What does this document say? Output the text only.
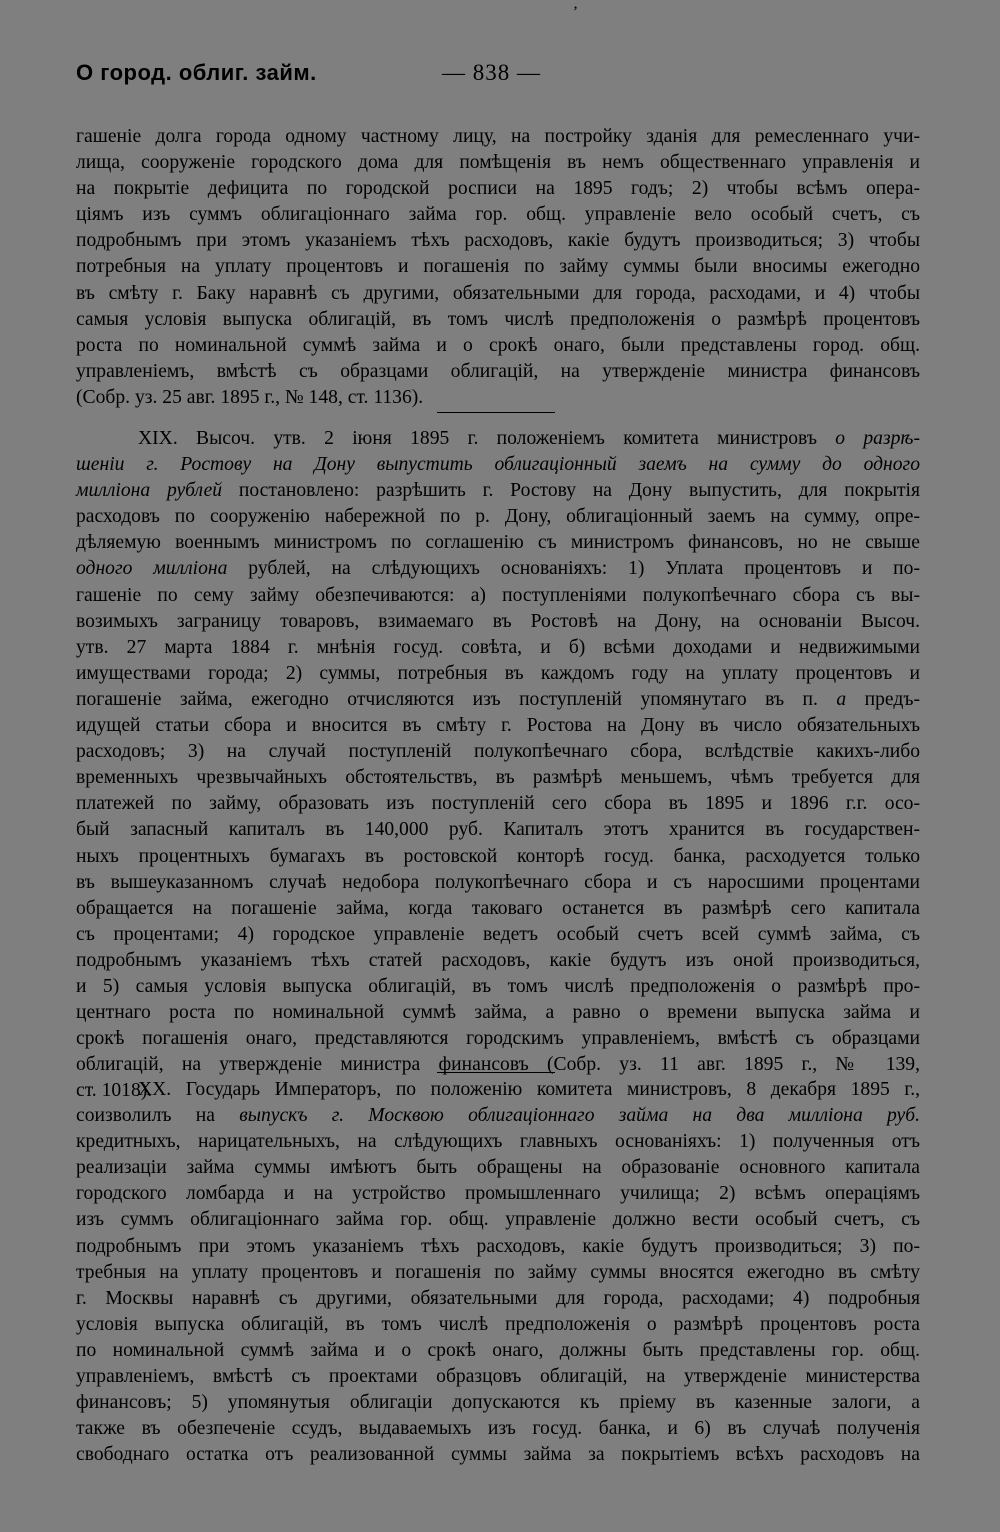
ʼ
О город. облиг. займ.	— 838 —
гашеніе долга города одному частному лицу, на постройку зданія для ремесленнаго учи-
лища, сооруженіе городского дома для помѣщенія въ немъ общественнаго управленія и
на покрытіе дефицита по городской росписи на 1895 годъ; 2) чтобы всѣмъ опера-
ціямъ изъ суммъ облигаціоннаго займа гор. общ. управленіе вело особый счетъ, съ
подробнымъ при этомъ указаніемъ тѣхъ расходовъ, какіе будутъ производиться; 3) чтобы
потребныя на уплату процентовъ и погашенія по займу суммы были вносимы ежегодно
въ смѣту г. Баку наравнѣ съ другими, обязательными для города, расходами, и 4) чтобы
самыя условія выпуска облигацій, въ томъ числѣ предположенія о размѣрѣ процентовъ
роста по номинальной суммѣ займа и о срокѣ онаго, были представлены город. общ.
управленіемъ, вмѣстѣ съ образцами облигацій, на утвержденіе министра финансовъ
(Собр. уз. 25 авг. 1895 г., № 148, ст. 1136).
XIX. Высоч. утв. 2 іюня 1895 г. положеніемъ комитета министровъ о разрѣ-
шеніи г. Ростову на Дону выпустить облигаціонный заемъ на сумму до одного
милліона рублей постановлено: разрѣшить г. Ростову на Дону выпустить, для покрытія
расходовъ по сооруженію набережной по р. Дону, облигаціонный заемъ на сумму, опре-
дѣляемую военнымъ министромъ по соглашенію съ министромъ финансовъ, но не свыше
одного милліона рублей, на слѣдующихъ основаніяхъ: 1) Уплата процентовъ и по-
гашеніе по сему займу обезпечиваются: а) поступленіями полукопѣечнаго сбора съ вы-
возимыхъ заграницу товаровъ, взимаемаго въ Ростовѣ на Дону, на основаніи Высоч.
утв. 27 марта 1884 г. мнѣнія госуд. совѣта, и б) всѣми доходами и недвижимыми
имуществами города; 2) суммы, потребныя въ каждомъ году на уплату процентовъ и
погашеніе займа, ежегодно отчисляются изъ поступленій упомянутаго въ п. а предъ-
идущей статьи сбора и вносится въ смѣту г. Ростова на Дону въ число обязательныхъ
расходовъ; 3) на случай поступленій полукопѣечнаго сбора, вслѣдствіе какихъ-либо
временныхъ чрезвычайныхъ обстоятельствъ, въ размѣрѣ меньшемъ, чѣмъ требуется для
платежей по займу, образовать изъ поступленій сего сбора въ 1895 и 1896 г.г. осо-
бый запасный капиталъ въ 140,000 руб. Капиталъ этотъ хранится въ государствен-
ныхъ процентныхъ бумагахъ въ ростовской конторѣ госуд. банка, расходуется только
въ вышеуказанномъ случаѣ недобора полукопѣечнаго сбора и съ наросшими процентами
обращается на погашеніе займа, когда таковаго останется въ размѣрѣ сего капитала
съ процентами; 4) городское управленіе ведетъ особый счетъ всей суммѣ займа, съ
подробнымъ указаніемъ тѣхъ статей расходовъ, какіе будутъ изъ оной производиться,
и 5) самыя условія выпуска облигацій, въ томъ числѣ предположенія о размѣрѣ про-
центнаго роста по номинальной суммѣ займа, а равно о времени выпуска займа и
срокѣ погашенія онаго, представляются городскимъ управленіемъ, вмѣстѣ съ образцами
облигацій, на утвержденіе министра финансовъ (Собр. уз. 11 авг. 1895 г., № 139,
ст. 1018).
XX. Государь Императоръ, по положенію комитета министровъ, 8 декабря 1895 г.,
соизволилъ на выпускъ г. Москвою облигаціоннаго займа на два милліона руб.
кредитныхъ, нарицательныхъ, на слѣдующихъ главныхъ основаніяхъ: 1) полученныя отъ
реализаціи займа суммы имѣютъ быть обращены на образованіе основного капитала
городского ломбарда и на устройство промышленнаго училища; 2) всѣмъ операціямъ
изъ суммъ облигаціоннаго займа гор. общ. управленіе должно вести особый счетъ, съ
подробнымъ при этомъ указаніемъ тѣхъ расходовъ, какіе будутъ производиться; 3) по-
требныя на уплату процентовъ и погашенія по займу суммы вносятся ежегодно въ смѣту
г. Москвы наравнѣ съ другими, обязательными для города, расходами; 4) подробныя
условія выпуска облигацій, въ томъ числѣ предположенія о размѣрѣ процентовъ роста
по номинальной суммѣ займа и о срокѣ онаго, должны быть представлены гор. общ.
управленіемъ, вмѣстѣ съ проектами образцовъ облигацій, на утвержденіе министерства
финансовъ; 5) упомянутыя облигаціи допускаются къ пріему въ казенные залоги, а
также въ обезпеченіе ссудъ, выдаваемыхъ изъ госуд. банка, и 6) въ случаѣ полученія
свободнаго остатка отъ реализованной суммы займа за покрытіемъ всѣхъ расходовъ на
